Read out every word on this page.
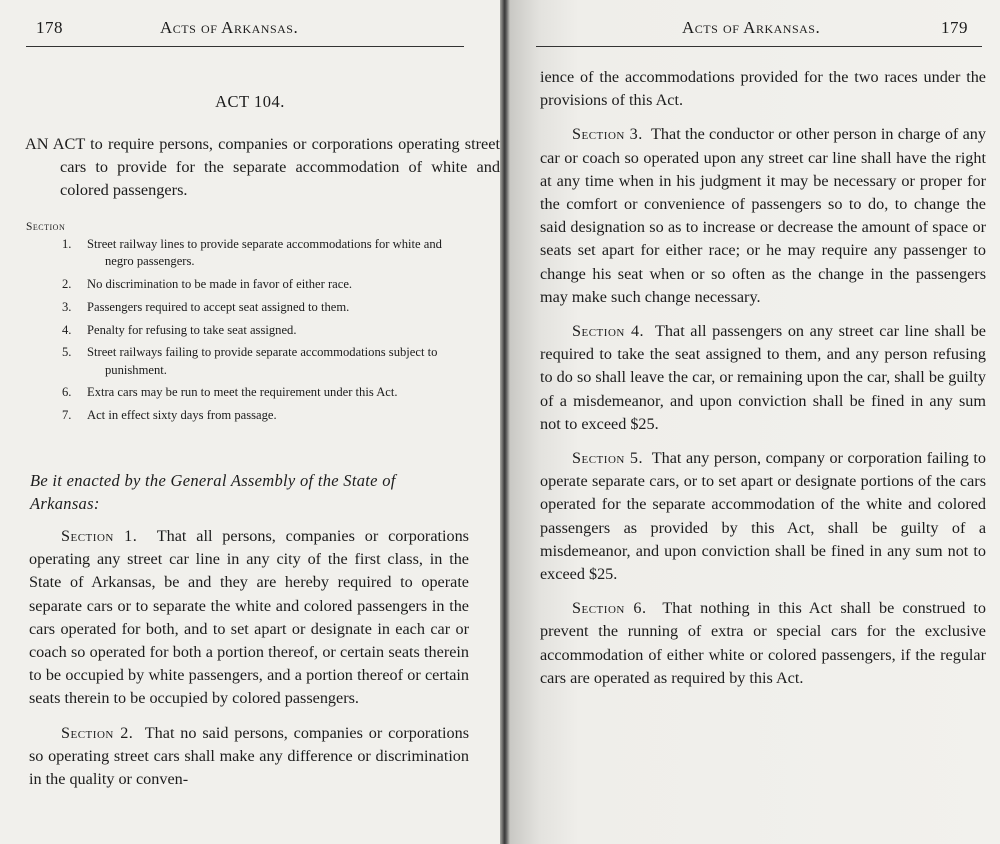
178	Acts of Arkansas.
ACT 104.
AN ACT to require persons, companies or corporations operating street cars to provide for the separate accommodation of white and colored passengers.
Section
1. Street railway lines to provide separate accommodations for white and negro passengers.
2. No discrimination to be made in favor of either race.
3. Passengers required to accept seat assigned to them.
4. Penalty for refusing to take seat assigned.
5. Street railways failing to provide separate accommodations subject to punishment.
6. Extra cars may be run to meet the requirement under this Act.
7. Act in effect sixty days from passage.
Be it enacted by the General Assembly of the State of Arkansas:

Section 1. That all persons, companies or corporations operating any street car line in any city of the first class, in the State of Arkansas, be and they are hereby required to operate separate cars or to separate the white and colored passengers in the cars operated for both, and to set apart or designate in each car or coach so operated for both a portion thereof, or certain seats therein to be occupied by white passengers, and a portion thereof or certain seats therein to be occupied by colored passengers.

Section 2. That no said persons, companies or corporations so operating street cars shall make any difference or discrimination in the quality or conven-

Acts of Arkansas.	179

ience of the accommodations provided for the two races under the provisions of this Act.

Section 3. That the conductor or other person in charge of any car or coach so operated upon any street car line shall have the right at any time when in his judgment it may be necessary or proper for the comfort or convenience of passengers so to do, to change the said designation so as to increase or decrease the amount of space or seats set apart for either race; or he may require any passenger to change his seat when or so often as the change in the passengers may make such change necessary.

Section 4. That all passengers on any street car line shall be required to take the seat assigned to them, and any person refusing to do so shall leave the car, or remaining upon the car, shall be guilty of a misdemeanor, and upon conviction shall be fined in any sum not to exceed $25.

Section 5. That any person, company or corporation failing to operate separate cars, or to set apart or designate portions of the cars operated for the separate accommodation of the white and colored passengers as provided by this Act, shall be guilty of a misdemeanor, and upon conviction shall be fined in any sum not to exceed $25.

Section 6. That nothing in this Act shall be construed to prevent the running of extra or special cars for the exclusive accommodation of either white or colored passengers, if the regular cars are operated as required by this Act.
